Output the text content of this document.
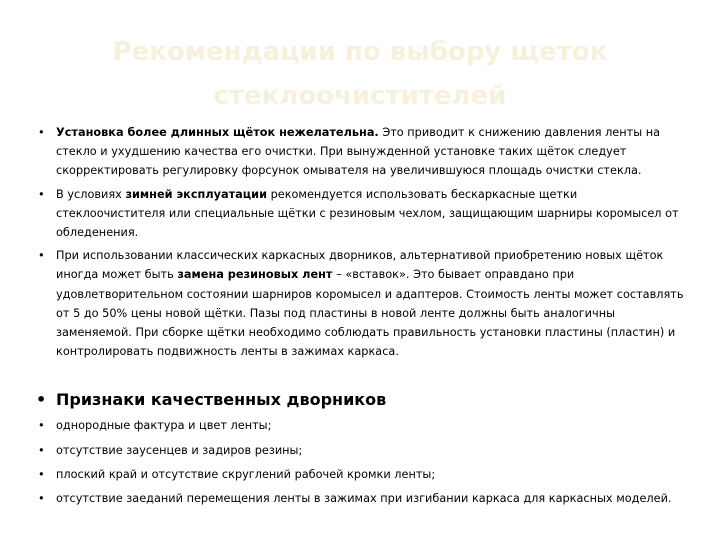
Рекомендации по выбору щеток стеклоочистителей
• Установка более длинных щёток нежелательна. Это приводит к снижению давления ленты на стекло и ухудшению качества его очистки. При вынужденной установке таких щёток следует скорректировать регулировку форсунок омывателя на увеличившуюся площадь очистки стекла.
• В условиях зимней эксплуатации рекомендуется использовать бескаркасные щетки стеклоочистителя или специальные щётки с резиновым чехлом, защищающим шарниры коромысел от обледенения.
• При использовании классических каркасных дворников, альтернативой приобретению новых щёток иногда может быть замена резиновых лент – «вставок». Это бывает оправдано при удовлетворительном состоянии шарниров коромысел и адаптеров. Стоимость ленты может составлять от 5 до 50% цены новой щётки. Пазы под пластины в новой ленте должны быть аналогичны заменяемой. При сборке щётки необходимо соблюдать правильность установки пластины (пластин) и контролировать подвижность ленты в зажимах каркаса.
• Признаки качественных дворников
• однородные фактура и цвет ленты;
• отсутствие заусенцев и задиров резины;
• плоский край и отсутствие скруглений рабочей кромки ленты;
• отсутствие заеданий перемещения ленты в зажимах при изгибании каркаса для каркасных моделей.
